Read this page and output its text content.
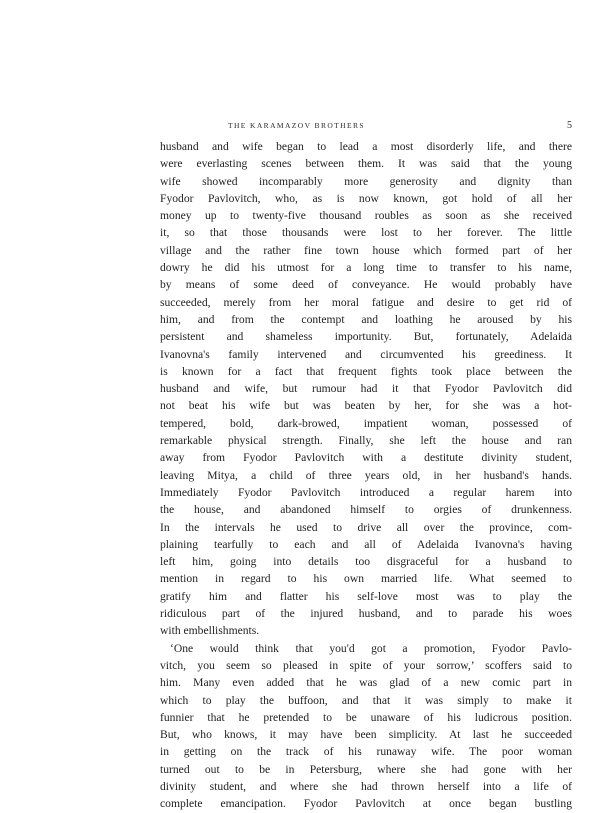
THE KARAMAZOV BROTHERS	5
husband and wife began to lead a most disorderly life, and there
were everlasting scenes between them. It was said that the young
wife showed incomparably more generosity and dignity than
Fyodor Pavlovitch, who, as is now known, got hold of all her
money up to twenty-five thousand roubles as soon as she received
it, so that those thousands were lost to her forever. The little
village and the rather fine town house which formed part of her
dowry he did his utmost for a long time to transfer to his name,
by means of some deed of conveyance. He would probably have
succeeded, merely from her moral fatigue and desire to get rid of
him, and from the contempt and loathing he aroused by his
persistent and shameless importunity. But, fortunately, Adelaida
Ivanovna's family intervened and circumvented his greediness. It
is known for a fact that frequent fights took place between the
husband and wife, but rumour had it that Fyodor Pavlovitch did
not beat his wife but was beaten by her, for she was a hot-
tempered, bold, dark-browed, impatient woman, possessed of
remarkable physical strength. Finally, she left the house and ran
away from Fyodor Pavlovitch with a destitute divinity student,
leaving Mitya, a child of three years old, in her husband's hands.
Immediately Fyodor Pavlovitch introduced a regular harem into
the house, and abandoned himself to orgies of drunkenness.
In the intervals he used to drive all over the province, com-
plaining tearfully to each and all of Adelaida Ivanovna's having
left him, going into details too disgraceful for a husband to
mention in regard to his own married life. What seemed to
gratify him and flatter his self-love most was to play the
ridiculous part of the injured husband, and to parade his woes
with embellishments.
‘One would think that you'd got a promotion, Fyodor Pavlo-
vitch, you seem so pleased in spite of your sorrow,’ scoffers said to
him. Many even added that he was glad of a new comic part in
which to play the buffoon, and that it was simply to make it
funnier that he pretended to be unaware of his ludicrous position.
But, who knows, it may have been simplicity. At last he succeeded
in getting on the track of his runaway wife. The poor woman
turned out to be in Petersburg, where she had gone with her
divinity student, and where she had thrown herself into a life of
complete emancipation. Fyodor Pavlovitch at once began bustling
